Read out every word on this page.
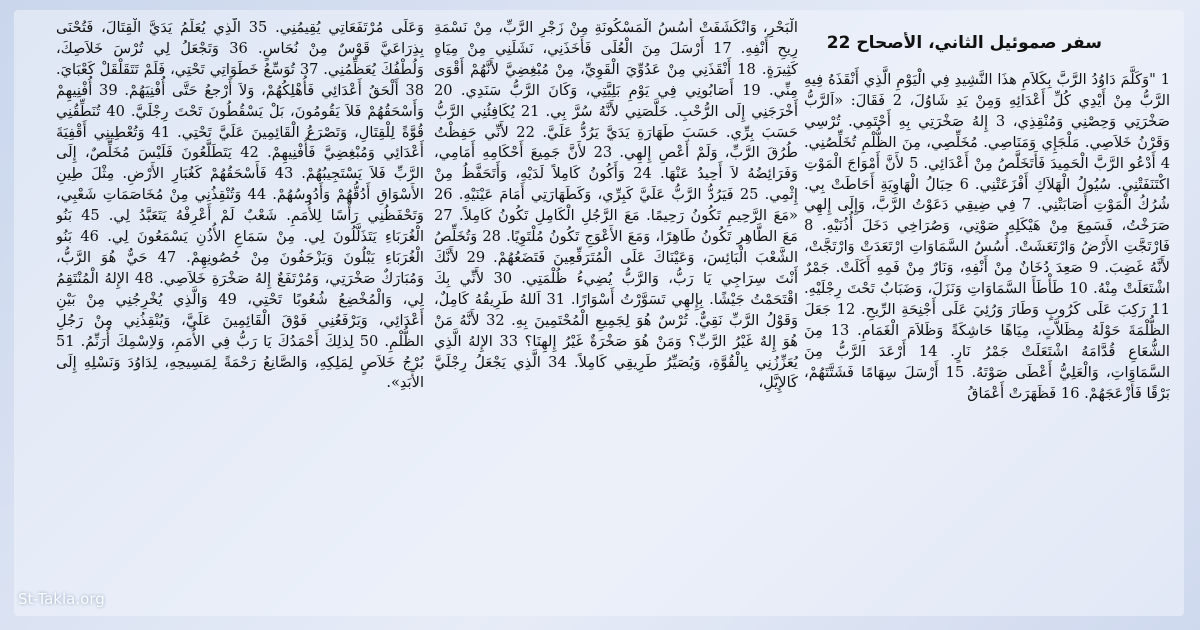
سفر صموئيل الثاني، الأصحاح 22

1 "وَكَلَّمَ دَاوُدُ الرَّبَّ بِكَلاَمِ هذَا النَّشِيدِ فِي الْيَوْمِ الَّذِي أَنْقَذَهُ فِيهِ الرَّبُّ مِنْ أَيْدِي كُلِّ أَعْدَائِهِ وَمِنْ يَدِ شَاوُلَ، 2 فَقَالَ: «اَلرَّبُّ صَخْرَتِي وَحِصْنِي وَمُنْقِذِي، 3 إِلهُ صَخْرَتِي بِهِ أَحْتَمِي. تُرْسِي وَقَرْنُ خَلاَصِي. مَلْجَإِي وَمَنَاصِي. مُخَلِّصِي، مِنَ الظُّلْمِ تُخَلِّصُنِي. 4 أَدْعُو الرَّبَّ الْحَمِيدَ فَأَتَخَلَّصُ مِنْ أَعْدَائِي. 5 لأَنَّ أَمْوَاجَ الْمَوْتِ اكْتَنَفَتْنِي. سُيُولُ الْهَلاَكِ أَفْزَعَتْنِي. 6 حِبَالُ الْهَاوِيَةِ أَحَاطَتْ بِي. شُرُكُ الْمَوْتِ أَصَابَتْنِي. 7 فِي ضِيقِي دَعَوْتُ الرَّبَّ، وَإِلَى إِلهِي صَرَخْتُ، فَسَمِعَ مِنْ هَيْكَلِهِ صَوْتِي، وَصُرَاخِي دَخَلَ أُذُنَيْهِ. 8 فَارْتَجَّتِ الأَرْضُ وَارْتَعَشَتْ. أُسُسُ السَّمَاوَاتِ ارْتَعَدَتْ وَارْتَجَّتْ، لأَنَّهُ غَضِبَ. 9 صَعِدَ دُخَانٌ مِنْ أَنْفِهِ، وَنَارٌ مِنْ فَمِهِ أَكَلَتْ. جَمْرٌ اشْتَعَلَتْ مِنْهُ. 10 طَأْطَأَ السَّمَاوَاتِ وَنَزَلَ، وَضَبَابٌ تَحْتَ رِجْلَيْهِ. 11 رَكِبَ عَلَى كَرُوبٍ وَطَارَ وَرُئِيَ عَلَى أَجْنِحَةِ الرِّيحِ. 12 جَعَلَ الظُّلْمَةَ حَوْلَهُ مِظَلاَّتٍ، مِيَاهًا حَاشِكَةً وَظَلاَمَ الْغَمَامِ. 13 مِنَ الشُّعَاعِ قُدَّامَهُ اشْتَعَلَتْ جَمْرُ نَارٍ. 14 أَرْعَدَ الرَّبُّ مِنَ السَّمَاوَاتِ، وَالْعَلِيُّ أَعْطَى صَوْتَهُ. 15 أَرْسَلَ سِهَامًا فَشَتَّتَهُمْ، بَرْقًا فَأَزْعَجَهُمْ. 16 فَظَهَرَتْ أَعْمَاقُ

الْبَحْرِ، وَانْكَشَفَتْ أُسُسُ الْمَسْكُونَةِ مِنْ زَجْرِ الرَّبِّ، مِنْ نَسْمَةِ رِيحِ أَنْفِهِ. 17 أَرْسَلَ مِنَ الْعُلَى فَأَخَذَنِي، نَشَلَنِي مِنْ مِيَاهٍ كَثِيرَةٍ. 18 أَنْقَذَنِي مِنْ عَدُوِّيَ الْقَوِيِّ، مِنْ مُبْغِضِيَّ لأَنَّهُمْ أَقْوَى مِنِّي. 19 أَصَابُونِي فِي يَوْمِ بَلِيَّتِي، وَكَانَ الرَّبُّ سَنَدِي. 20 أَخْرَجَنِي إِلَى الرُّحْبِ. خَلَّصَنِي لأَنَّهُ سُرَّ بِي. 21 يُكَافِئُنِي الرَّبُّ حَسَبَ بِرِّي. حَسَبَ طَهَارَةِ يَدَيَّ يَرُدُّ عَلَيَّ. 22 لأَنِّي حَفِظْتُ طُرُقَ الرَّبِّ، وَلَمْ أَعْصِ إِلهِي. 23 لأَنَّ جَمِيعَ أَحْكَامِهِ أَمَامِي، وَفَرَائِضُهُ لاَ أَحِيدُ عَنْهَا. 24 وَأَكُونُ كَامِلاً لَدَيْهِ، وَأَتَحَفَّظُ مِنْ إِثْمِي. 25 فَيَرُدُّ الرَّبُّ عَلَيَّ كَبِرِّي، وَكَطَهَارَتِي أَمَامَ عَيْنَيْهِ. 26 «مَعَ الرَّحِيمِ تَكُونُ رَحِيمًا. مَعَ الرَّجُلِ الْكَامِلِ تَكُونُ كَامِلاً. 27 مَعَ الطَّاهِرِ تَكُونُ طَاهِرًا، وَمَعَ الأَعْوَجِ تَكُونُ مُلْتَوِيًا. 28 وَتُخَلِّصُ الشَّعْبَ الْبَائِسَ، وَعَيْنَاكَ عَلَى الْمُتَرَفِّعِينَ فَتَضَعُهُمْ. 29 لأَنَّكَ أَنْتَ سِرَاجِي يَا رَبُّ، وَالرَّبُّ يُضِيءُ ظُلْمَتِي. 30 لأَنِّي بِكَ اقْتَحَمْتُ جَيْشًا. بِإِلهِي تَسَوَّرْتُ أَسْوَارًا. 31 اَللهُ طَرِيقُهُ كَامِلٌ، وَقَوْلُ الرَّبِّ نَقِيٌّ. تُرْسٌ هُوَ لِجَمِيعِ الْمُحْتَمِينَ بِهِ. 32 لأَنَّهُ مَنْ هُوَ إِلهٌ غَيْرُ الرَّبِّ؟ وَمَنْ هُوَ صَخْرَةٌ غَيْرُ إِلهِنَا؟ 33 الإِلهُ الَّذِي يُعَزِّزُنِي بِالْقُوَّةِ، وَيُصَيِّرُ طَرِيقِي كَامِلاً. 34 الَّذِي يَجْعَلُ رِجْلَيَّ كَالإِيَّلِ،

وَعَلَى مُرْتَفَعَاتِي يُقِيمُنِي. 35 الَّذِي يُعَلِّمُ يَدَيَّ الْقِتَالَ، فَتُحْنَى بِذِرَاعَيَّ قَوْسٌ مِنْ نُحَاسٍ. 36 وَتَجْعَلُ لِي تُرْسَ خَلاَصِكَ، وَلُطْفُكَ يُعَظِّمُنِي. 37 تُوَسِّعُ خَطَوَاتِي تَحْتِي، فَلَمْ تَتَقَلْقَلْ كَعْبَايَ. 38 أَلْحَقُ أَعْدَائِي فَأُهْلِكُهُمْ، وَلاَ أَرْجعُ حَتَّى أُفْنِيَهُمْ. 39 أُفْنِيهِمْ وَأَسْحَقُهُمْ فَلاَ يَقُومُونَ، بَلْ يَسْقُطُونَ تَحْتَ رِجْلَيَّ. 40 تُنَطِّقُنِي قُوَّةً لِلْقِتَالِ، وَتَصْرَعُ الْقَائِمِينَ عَلَيَّ تَحْتِي. 41 وَتُعْطِينِي أَقْفِيَةَ أَعْدَائِي وَمُبْغِضِيَّ فَأُفْنِيهِمْ. 42 يَتَطَلَّعُونَ فَلَيْسَ مُخَلِّصٌ، إِلَى الرَّبِّ فَلاَ يَسْتَجِيبُهُمْ. 43 فَأَسْحَقُهُمْ كَغُبَارِ الأَرْضِ. مِثْلَ طِينِ الأَسْوَاقِ أَدُقُّهُمْ وَأَدُوسُهُمْ. 44 وَتُنْقِذُنِي مِنْ مُخَاصَمَاتِ شَعْبِي، وَتَحْفَظُنِي رَأْسًا لِلأُمَمِ. شَعْبٌ لَمْ أَعْرِفْهُ يَتَعَبَّدُ لِي. 45 بَنُو الْغُرَبَاءِ يَتَذَلَّلُونَ لِي. مِنْ سَمَاعِ الأُذُنِ يَسْمَعُونَ لِي. 46 بَنُو الْغُرَبَاءِ يَبْلُونَ وَيَزْحَفُونَ مِنْ حُصُونِهِمْ. 47 حَيٌّ هُوَ الرَّبُّ، وَمُبَارَكٌ صَخْرَتِي، وَمُرْتَفَعٌ إِلهُ صَخْرَةِ خَلاَصِي. 48 الإِلهُ الْمُنْتَقِمُ لِي، وَالْمُخْضِعُ شُعُوبًا تَحْتِي، 49 وَالَّذِي يُخْرِجُنِي مِنْ بَيْنِ أَعْدَائِي، وَيَرْفَعُنِي فَوْقَ الْقَائِمِينَ عَلَيَّ، وَيُنْقِذُنِي مِنْ رَجُلِ الظُّلْمِ. 50 لِذلِكَ أَحْمَدُكَ يَا رَبُّ فِي الأُمَمِ، وَلاِسْمِكَ أُرَنِّمُ. 51 بُرْجُ خَلاَصٍ لِمَلِكِهِ، وَالصَّانِعُ رَحْمَةً لِمَسِيحِهِ، لِدَاوُدَ وَنَسْلِهِ إِلَى الأَبَدِ».

St-Takla.org
